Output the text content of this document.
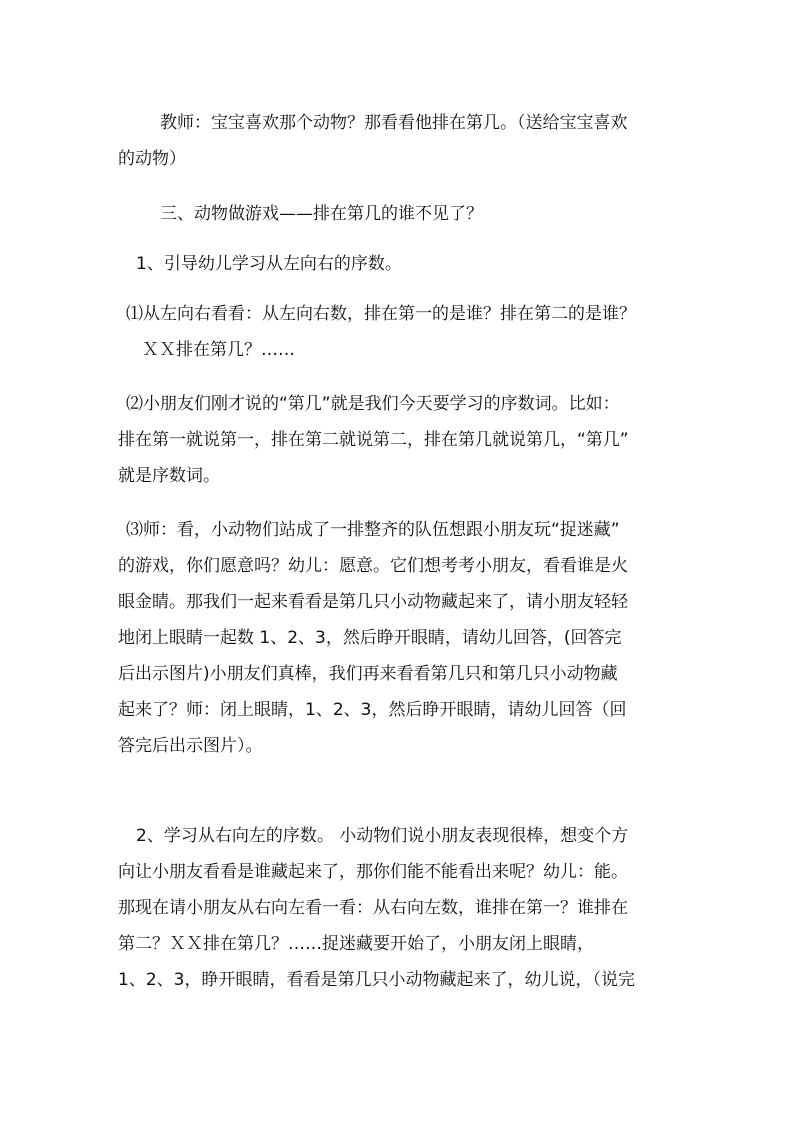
教师：宝宝喜欢那个动物？那看看他排在第几。（送给宝宝喜欢
的动物）
三、动物做游戏——排在第几的谁不见了？
1、引导幼儿学习从左向右的序数。
⑴从左向右看看：从左向右数，排在第一的是谁？排在第二的是谁？
ＸＸ排在第几？……
⑵小朋友们刚才说的“第几”就是我们今天要学习的序数词。比如：
排在第一就说第一，排在第二就说第二，排在第几就说第几，“第几”
就是序数词。
⑶师：看，小动物们站成了一排整齐的队伍想跟小朋友玩“捉迷藏”
的游戏，你们愿意吗？幼儿：愿意。它们想考考小朋友，看看谁是火
眼金睛。那我们一起来看看是第几只小动物藏起来了，请小朋友轻轻
地闭上眼睛一起数 1、2、3，然后睁开眼睛，请幼儿回答，(回答完
后出示图片)小朋友们真棒，我们再来看看第几只和第几只小动物藏
起来了？师：闭上眼睛，1、2、3，然后睁开眼睛，请幼儿回答（回
答完后出示图片）。
2、学习从右向左的序数。 小动物们说小朋友表现很棒，想变个方
向让小朋友看看是谁藏起来了，那你们能不能看出来呢？幼儿：能。
那现在请小朋友从右向左看一看：从右向左数，谁排在第一？谁排在
第二？ＸＸ排在第几？……捉迷藏要开始了，小朋友闭上眼睛，
1、2、3，睁开眼睛，看看是第几只小动物藏起来了，幼儿说，（说完
